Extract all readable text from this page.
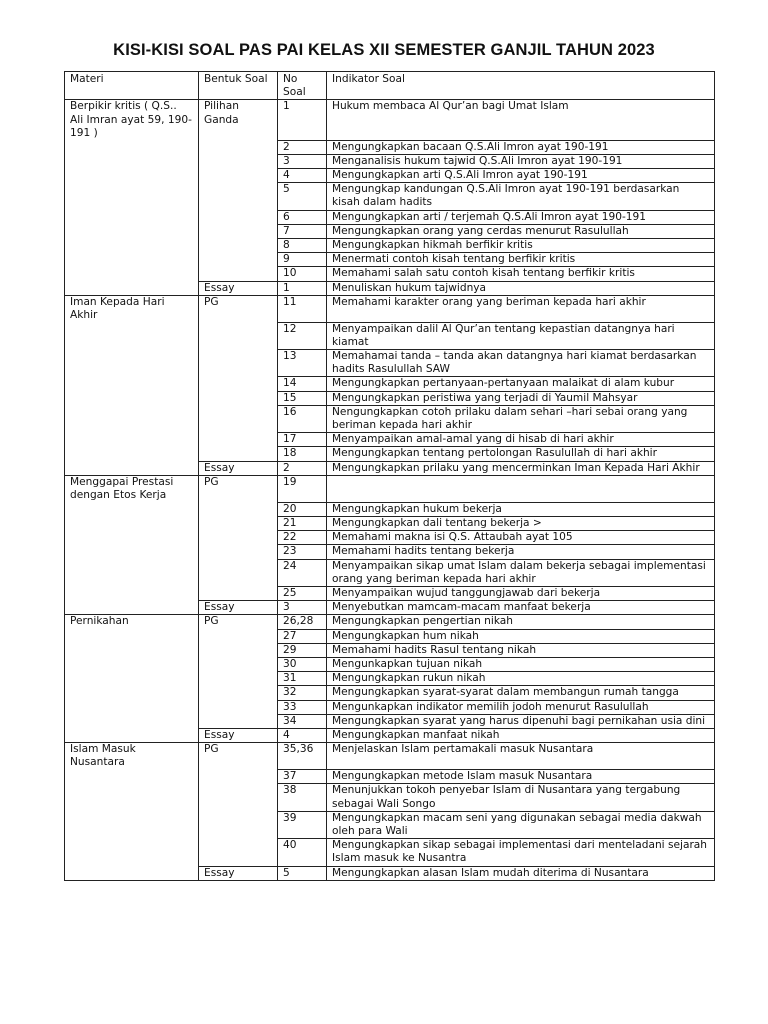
KISI-KISI SOAL PAS PAI KELAS XII SEMESTER GANJIL TAHUN 2023
Materi	Bentuk Soal	No Soal	Indikator Soal
Berpikir kritis ( Q.S.. Ali Imran ayat 59, 190-191 )	Pilihan Ganda	1	Hukum membaca Al Qur’an bagi Umat Islam
		2	Mengungkapkan bacaan Q.S.Ali Imron ayat 190-191
		3	Menganalisis hukum tajwid Q.S.Ali Imron ayat 190-191
		4	Mengungkapkan arti Q.S.Ali Imron ayat 190-191
		5	Mengungkap kandungan Q.S.Ali Imron ayat 190-191 berdasarkan kisah dalam hadits
		6	Mengungkapkan arti / terjemah Q.S.Ali Imron ayat 190-191
		7	Mengungkapkan orang yang cerdas menurut Rasulullah
		8	Mengungkapkan hikmah berfikir kritis
		9	Menermati contoh kisah tentang berfikir kritis
		10	Memahami salah satu contoh kisah tentang berfikir kritis
	Essay	1	Menuliskan hukum tajwidnya
Iman Kepada Hari Akhir	PG	11	Memahami karakter orang yang beriman kepada hari akhir
		12	Menyampaikan dalil Al Qur’an tentang kepastian datangnya hari kiamat
		13	Memahamai tanda – tanda akan datangnya hari kiamat berdasarkan hadits Rasulullah SAW
		14	Mengungkapkan pertanyaan-pertanyaan malaikat di alam kubur
		15	Mengungkapkan peristiwa yang terjadi di Yaumil Mahsyar
		16	Nengungkapkan cotoh prilaku dalam sehari –hari sebai orang yang beriman kepada hari akhir
		17	Menyampaikan amal-amal yang di hisab di hari akhir
		18	Mengungkapkan tentang pertolongan Rasulullah di hari akhir
	Essay	2	Mengungkapkan prilaku yang mencerminkan Iman Kepada Hari Akhir
Menggapai Prestasi dengan Etos Kerja	PG	19	
		20	Mengungkapkan hukum bekerja
		21	Mengungkapkan dali tentang bekerja >
		22	Memahami makna isi Q.S. Attaubah ayat 105
		23	Memahami hadits tentang bekerja
		24	Menyampaikan sikap umat Islam dalam bekerja sebagai implementasi orang yang beriman kepada hari akhir
		25	Menyampaikan wujud tanggungjawab dari bekerja
	Essay	3	Menyebutkan mamcam-macam manfaat bekerja
Pernikahan	PG	26,28	Mengungkapkan pengertian nikah
		27	Mengungkapkan hum nikah
		29	Memahami hadits Rasul tentang nikah
		30	Mengunkapkan tujuan nikah
		31	Mengungkapkan rukun nikah
		32	Mengungkapkan syarat-syarat dalam membangun rumah tangga
		33	Mengunkapkan indikator memilih jodoh menurut Rasulullah
		34	Mengungkapkan syarat yang harus dipenuhi bagi pernikahan usia dini
	Essay	4	Mengungkapkan manfaat nikah
Islam Masuk Nusantara	PG	35,36	Menjelaskan Islam pertamakali masuk Nusantara
		37	Mengungkapkan metode Islam masuk Nusantara
		38	Menunjukkan tokoh penyebar Islam di Nusantara yang tergabung sebagai Wali Songo
		39	Mengungkapkan macam seni yang digunakan sebagai media dakwah oleh para Wali
		40	Mengungkapkan sikap sebagai implementasi dari menteladani sejarah Islam masuk ke Nusantra
	Essay	5	Mengungkapkan alasan Islam mudah diterima di Nusantara
